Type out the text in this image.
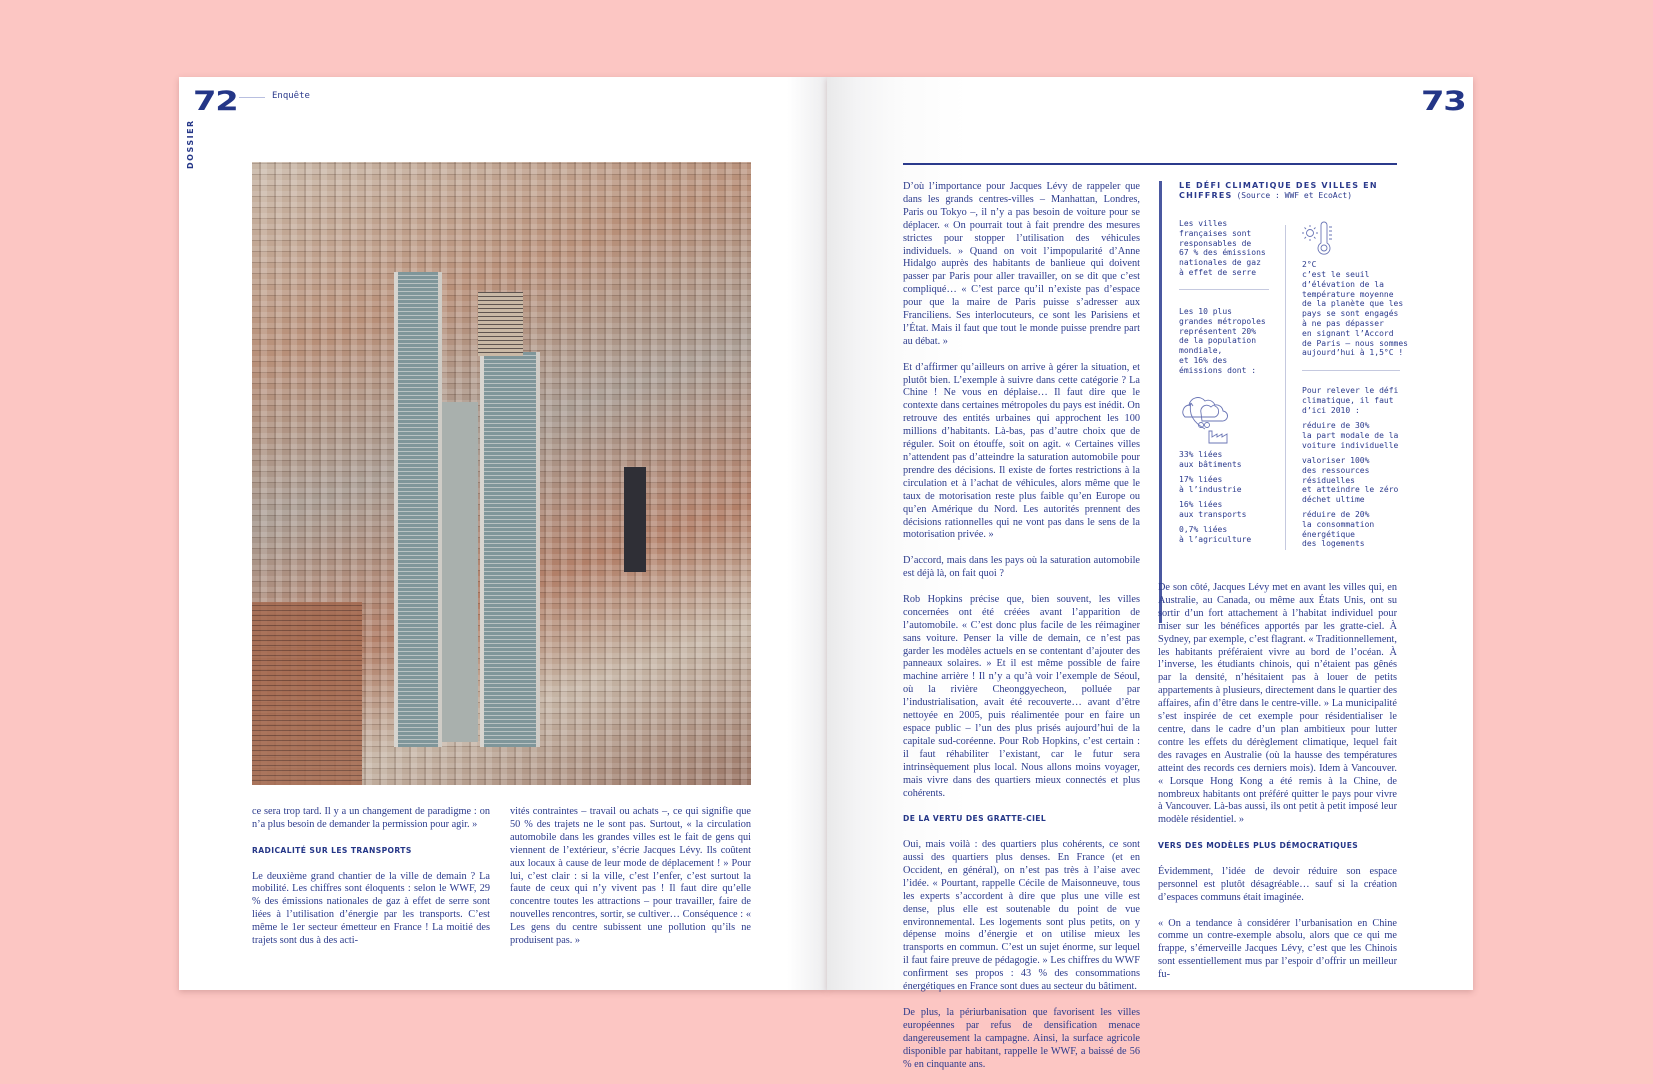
72	Enquête
DOSSIER

ce sera trop tard. Il y a un changement de paradigme : on n’a plus besoin de demander la permission pour agir. »

RADICALITÉ SUR LES TRANSPORTS

Le deuxième grand chantier de la ville de demain ? La mobilité. Les chiffres sont éloquents : selon le WWF, 29 % des émissions nationales de gaz à effet de serre sont liées à l’utilisation d’énergie par les transports. C’est même le 1er secteur émetteur en France ! La moitié des trajets sont dus à des acti-

vités contraintes – travail ou achats –, ce qui signifie que 50 % des trajets ne le sont pas. Surtout, « la circulation automobile dans les grandes villes est le fait de gens qui viennent de l’extérieur, s’écrie Jacques Lévy. Ils coûtent aux locaux à cause de leur mode de déplacement ! » Pour lui, c’est clair : si la ville, c’est l’enfer, c’est surtout la faute de ceux qui n’y vivent pas ! Il faut dire qu’elle concentre toutes les attractions – pour travailler, faire de nouvelles rencontres, sortir, se cultiver… Conséquence : « Les gens du centre subissent une pollution qu’ils ne produisent pas. »

73

D’où l’importance pour Jacques Lévy de rappeler que dans les grands centres-villes – Manhattan, Londres, Paris ou Tokyo –, il n’y a pas besoin de voiture pour se déplacer. « On pourrait tout à fait prendre des mesures strictes pour stopper l’utilisation des véhicules individuels. » Quand on voit l’impopularité d’Anne Hidalgo auprès des habitants de banlieue qui doivent passer par Paris pour aller travailler, on se dit que c’est compliqué… « C’est parce qu’il n’existe pas d’espace pour que la maire de Paris puisse s’adresser aux Franciliens. Ses interlocuteurs, ce sont les Parisiens et l’État. Mais il faut que tout le monde puisse prendre part au débat. »

Et d’affirmer qu’ailleurs on arrive à gérer la situation, et plutôt bien. L’exemple à suivre dans cette catégorie ? La Chine ! Ne vous en déplaise… Il faut dire que le contexte dans certaines métropoles du pays est inédit. On retrouve des entités urbaines qui approchent les 100 millions d’habitants. Là-bas, pas d’autre choix que de réguler. Soit on étouffe, soit on agit. « Certaines villes n’attendent pas d’atteindre la saturation automobile pour prendre des décisions. Il existe de fortes restrictions à la circulation et à l’achat de véhicules, alors même que le taux de motorisation reste plus faible qu’en Europe ou qu’en Amérique du Nord. Les autorités prennent des décisions rationnelles qui ne vont pas dans le sens de la motorisation privée. »

D’accord, mais dans les pays où la saturation automobile est déjà là, on fait quoi ?

Rob Hopkins précise que, bien souvent, les villes concernées ont été créées avant l’apparition de l’automobile. « C’est donc plus facile de les réimaginer sans voiture. Penser la ville de demain, ce n’est pas garder les modèles actuels en se contentant d’ajouter des panneaux solaires. » Et il est même possible de faire machine arrière ! Il n’y a qu’à voir l’exemple de Séoul, où la rivière Cheonggyecheon, polluée par l’industrialisation, avait été recouverte… avant d’être nettoyée en 2005, puis réalimentée pour en faire un espace public – l’un des plus prisés aujourd’hui de la capitale sud-coréenne. Pour Rob Hopkins, c’est certain : il faut réhabiliter l’existant, car le futur sera intrinsèquement plus local. Nous allons moins voyager, mais vivre dans des quartiers mieux connectés et plus cohérents.

DE LA VERTU DES GRATTE-CIEL

Oui, mais voilà : des quartiers plus cohérents, ce sont aussi des quartiers plus denses. En France (et en Occident, en général), on n’est pas très à l’aise avec l’idée. « Pourtant, rappelle Cécile de Maisonneuve, tous les experts s’accordent à dire que plus une ville est dense, plus elle est soutenable du point de vue environnemental. Les logements sont plus petits, on y dépense moins d’énergie et on utilise mieux les transports en commun. C’est un sujet énorme, sur lequel il faut faire preuve de pédagogie. » Les chiffres du WWF confirment ses propos : 43 % des consommations énergétiques en France sont dues au secteur du bâtiment.

De plus, la périurbanisation que favorisent les villes européennes par refus de densification menace dangereusement la campagne. Ainsi, la surface agricole disponible par habitant, rappelle le WWF, a baissé de 56 % en cinquante ans.

LE DÉFI CLIMATIQUE DES VILLES EN CHIFFRES (Source : WWF et EcoAct)
Les villes
françaises sont
responsables de
67 % des émissions
nationales de gaz
à effet de serre
Les 10 plus
grandes métropoles
représentent 20%
de la population
mondiale,
et 16% des
émissions dont :
33% liées
aux bâtiments
17% liées
à l’industrie
16% liées
aux transports
0,7% liées
à l’agriculture
2°C
c’est le seuil
d’élévation de la
température moyenne
de la planète que les
pays se sont engagés
à ne pas dépasser
en signant l’Accord
de Paris – nous sommes
aujourd’hui à 1,5°C !
Pour relever le défi
climatique, il faut
d’ici 2010 :
réduire de 30%
la part modale de la
voiture individuelle
valoriser 100%
des ressources
résiduelles
et atteindre le zéro
déchet ultime
réduire de 20%
la consommation
énergétique
des logements

De son côté, Jacques Lévy met en avant les villes qui, en Australie, au Canada, ou même aux États Unis, ont su sortir d’un fort attachement à l’habitat individuel pour miser sur les bénéfices apportés par les gratte-ciel. À Sydney, par exemple, c’est flagrant. « Traditionnellement, les habitants préféraient vivre au bord de l’océan. À l’inverse, les étudiants chinois, qui n’étaient pas gênés par la densité, n’hésitaient pas à louer de petits appartements à plusieurs, directement dans le quartier des affaires, afin d’être dans le centre-ville. » La municipalité s’est inspirée de cet exemple pour résidentialiser le centre, dans le cadre d’un plan ambitieux pour lutter contre les effets du dérèglement climatique, lequel fait des ravages en Australie (où la hausse des températures atteint des records ces derniers mois). Idem à Vancouver. « Lorsque Hong Kong a été remis à la Chine, de nombreux habitants ont préféré quitter le pays pour vivre à Vancouver. Là-bas aussi, ils ont petit à petit imposé leur modèle résidentiel. »

VERS DES MODÈLES PLUS DÉMOCRATIQUES

Évidemment, l’idée de devoir réduire son espace personnel est plutôt désagréable… sauf si la création d’espaces communs était imaginée.

« On a tendance à considérer l’urbanisation en Chine comme un contre-exemple absolu, alors que ce qui me frappe, s’émerveille Jacques Lévy, c’est que les Chinois sont essentiellement mus par l’espoir d’offrir un meilleur fu-
